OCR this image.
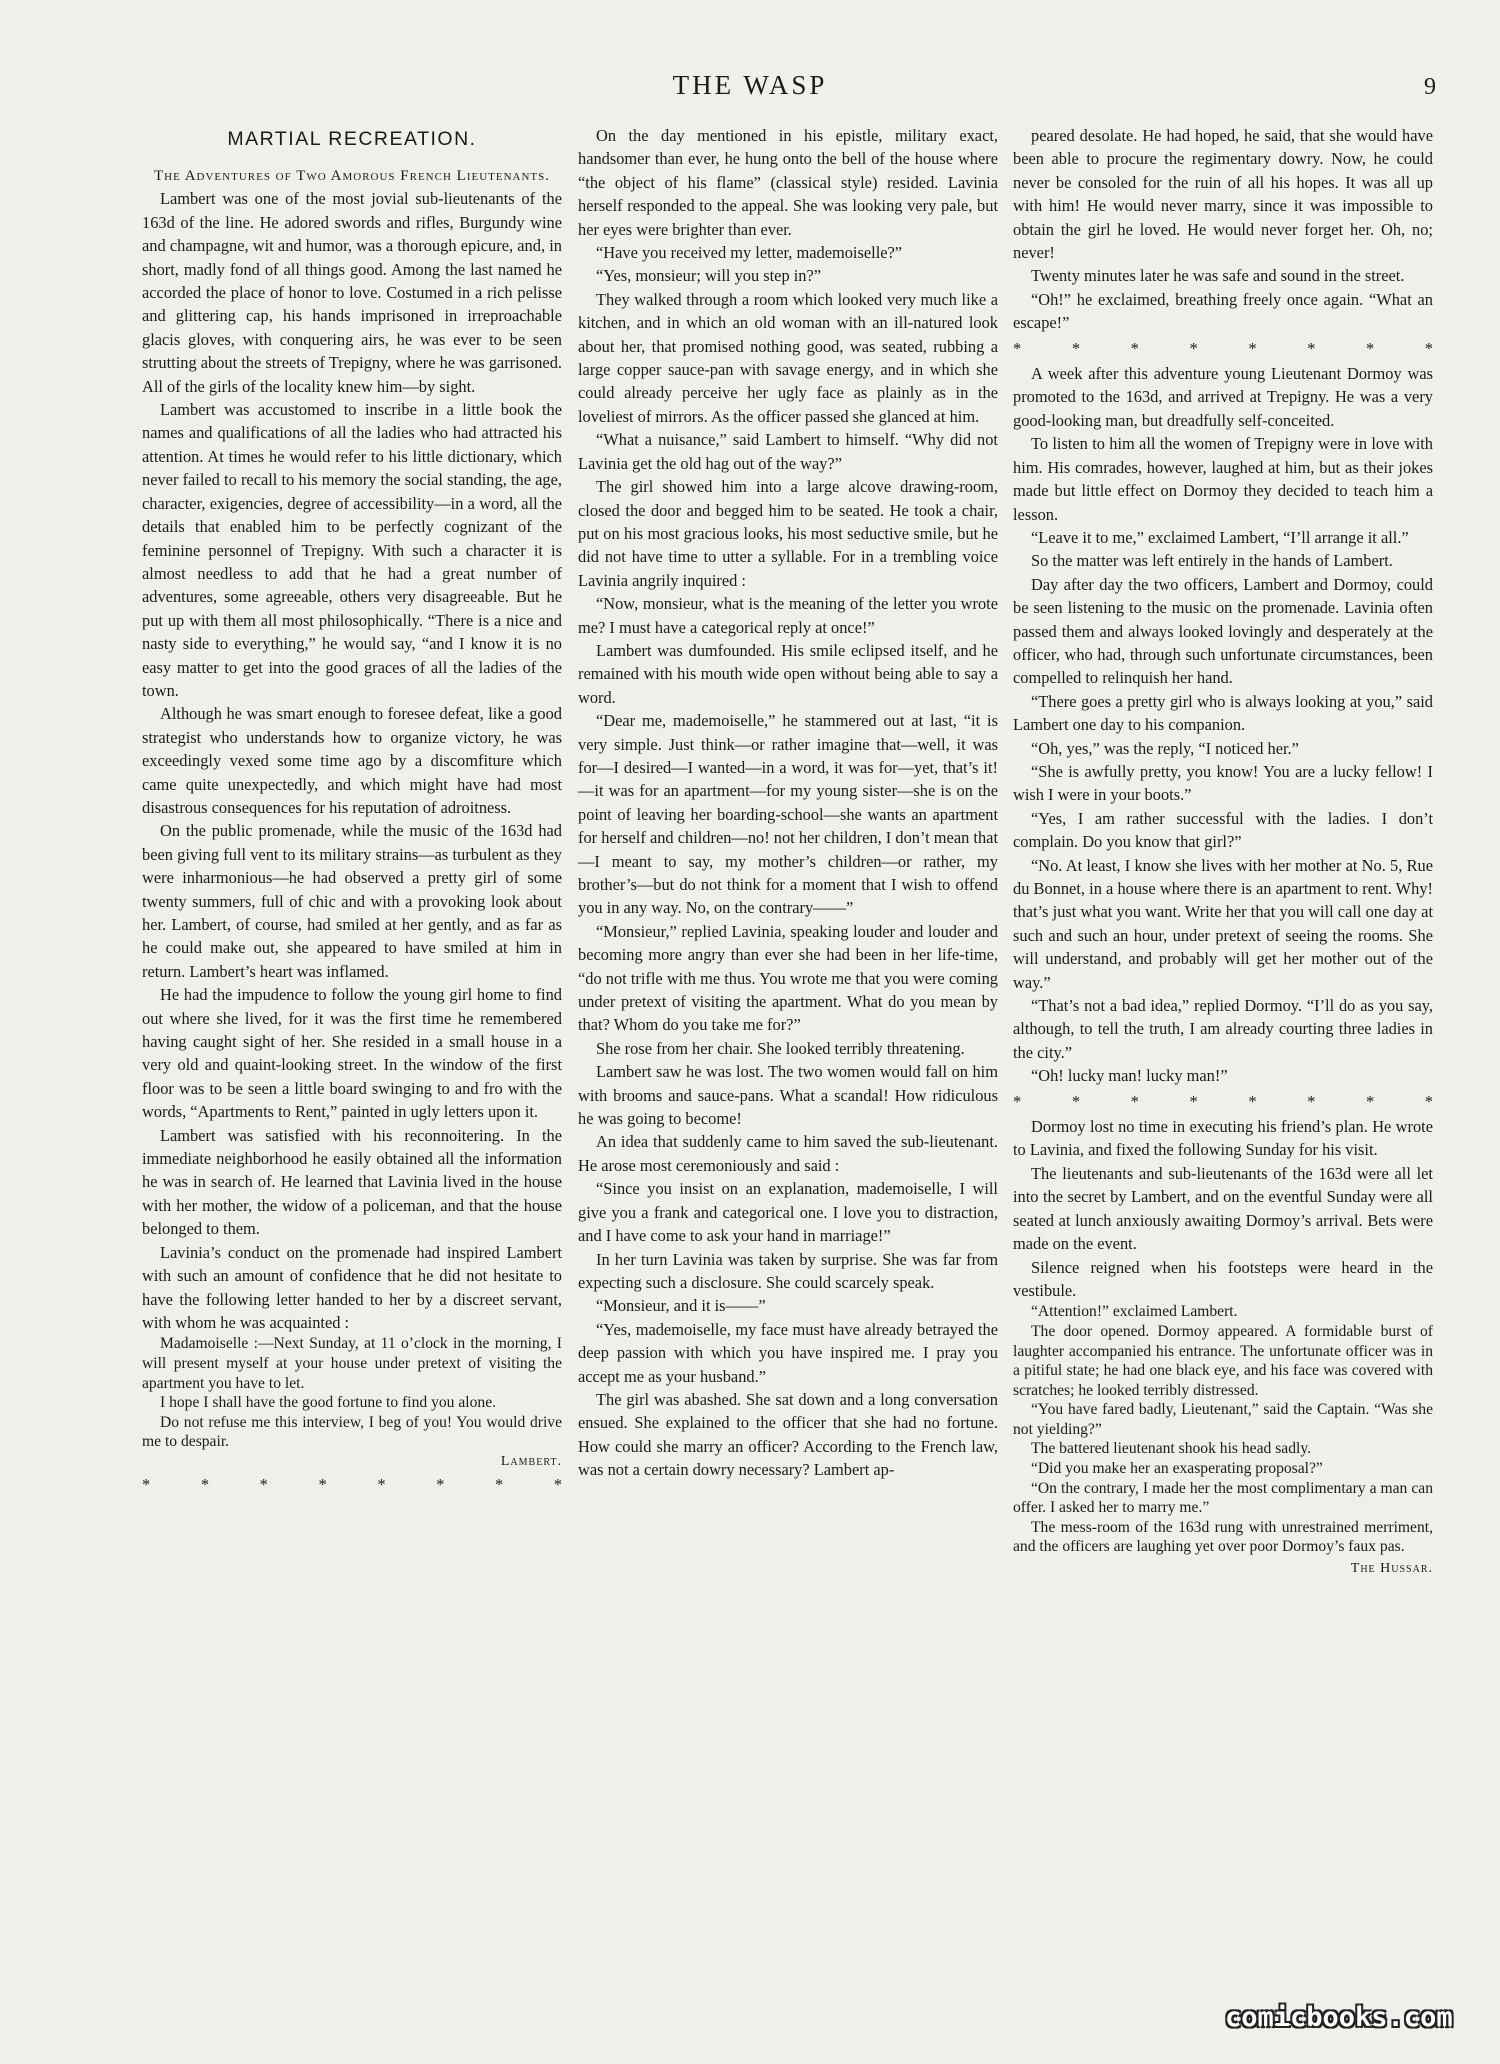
THE WASP	9
MARTIAL RECREATION.

The Adventures of Two Amorous French Lieutenants.

Lambert was one of the most jovial sub-lieutenants of the 163d of the line. He adored swords and rifles, Burgundy wine and champagne, wit and humor, was a thorough epicure, and, in short, madly fond of all things good. Among the last named he accorded the place of honor to love. Costumed in a rich pelisse and glittering cap, his hands imprisoned in irreproachable glacis gloves, with conquering airs, he was ever to be seen strutting about the streets of Trepigny, where he was garrisoned. All of the girls of the locality knew him—by sight.

Lambert was accustomed to inscribe in a little book the names and qualifications of all the ladies who had attracted his attention. At times he would refer to his little dictionary, which never failed to recall to his memory the social standing, the age, character, exigencies, degree of accessibility—in a word, all the details that enabled him to be perfectly cognizant of the feminine personnel of Trepigny. With such a character it is almost needless to add that he had a great number of adventures, some agreeable, others very disagreeable. But he put up with them all most philosophically. “There is a nice and nasty side to everything,” he would say, “and I know it is no easy matter to get into the good graces of all the ladies of the town.

Although he was smart enough to foresee defeat, like a good strategist who understands how to organize victory, he was exceedingly vexed some time ago by a discomfiture which came quite unexpectedly, and which might have had most disastrous consequences for his reputation of adroitness.

On the public promenade, while the music of the 163d had been giving full vent to its military strains—as turbulent as they were inharmonious—he had observed a pretty girl of some twenty summers, full of chic and with a provoking look about her. Lambert, of course, had smiled at her gently, and as far as he could make out, she appeared to have smiled at him in return. Lambert’s heart was inflamed.

He had the impudence to follow the young girl home to find out where she lived, for it was the first time he remembered having caught sight of her. She resided in a small house in a very old and quaint-looking street. In the window of the first floor was to be seen a little board swinging to and fro with the words, “Apartments to Rent,” painted in ugly letters upon it.

Lambert was satisfied with his reconnoitering. In the immediate neighborhood he easily obtained all the information he was in search of. He learned that Lavinia lived in the house with her mother, the widow of a policeman, and that the house belonged to them.

Lavinia’s conduct on the promenade had inspired Lambert with such an amount of confidence that he did not hesitate to have the following letter handed to her by a discreet servant, with whom he was acquainted :

Madamoiselle :—Next Sunday, at 11 o’clock in the morning, I will present myself at your house under pretext of visiting the apartment you have to let.

I hope I shall have the good fortune to find you alone.

Do not refuse me this interview, I beg of you! You would drive me to despair.

Lambert.

* * * * * * * *

On the day mentioned in his epistle, military exact, handsomer than ever, he hung onto the bell of the house where “the object of his flame” (classical style) resided. Lavinia herself responded to the appeal. She was looking very pale, but her eyes were brighter than ever.

“Have you received my letter, mademoiselle?”

“Yes, monsieur; will you step in?”

They walked through a room which looked very much like a kitchen, and in which an old woman with an ill-natured look about her, that promised nothing good, was seated, rubbing a large copper sauce-pan with savage energy, and in which she could already perceive her ugly face as plainly as in the loveliest of mirrors. As the officer passed she glanced at him.

“What a nuisance,” said Lambert to himself. “Why did not Lavinia get the old hag out of the way?”

The girl showed him into a large alcove drawing-room, closed the door and begged him to be seated. He took a chair, put on his most gracious looks, his most seductive smile, but he did not have time to utter a syllable. For in a trembling voice Lavinia angrily inquired :

“Now, monsieur, what is the meaning of the letter you wrote me? I must have a categorical reply at once!”

Lambert was dumfounded. His smile eclipsed itself, and he remained with his mouth wide open without being able to say a word.

“Dear me, mademoiselle,” he stammered out at last, “it is very simple. Just think—or rather imagine that—well, it was for—I desired—I wanted—in a word, it was for—yet, that’s it!—it was for an apartment—for my young sister—she is on the point of leaving her boarding-school—she wants an apartment for herself and children—no! not her children, I don’t mean that—I meant to say, my mother’s children—or rather, my brother’s—but do not think for a moment that I wish to offend you in any way. No, on the contrary——”

“Monsieur,” replied Lavinia, speaking louder and louder and becoming more angry than ever she had been in her life-time, “do not trifle with me thus. You wrote me that you were coming under pretext of visiting the apartment. What do you mean by that? Whom do you take me for?”

She rose from her chair. She looked terribly threatening.

Lambert saw he was lost. The two women would fall on him with brooms and sauce-pans. What a scandal! How ridiculous he was going to become!

An idea that suddenly came to him saved the sub-lieutenant. He arose most ceremoniously and said :

“Since you insist on an explanation, mademoiselle, I will give you a frank and categorical one. I love you to distraction, and I have come to ask your hand in marriage!”

In her turn Lavinia was taken by surprise. She was far from expecting such a disclosure. She could scarcely speak.

“Monsieur, and it is——”

“Yes, mademoiselle, my face must have already betrayed the deep passion with which you have inspired me. I pray you accept me as your husband.”

The girl was abashed. She sat down and a long conversation ensued. She explained to the officer that she had no fortune. How could she marry an officer? According to the French law, was not a certain dowry necessary? Lambert ap-

peared desolate. He had hoped, he said, that she would have been able to procure the regimentary dowry. Now, he could never be consoled for the ruin of all his hopes. It was all up with him! He would never marry, since it was impossible to obtain the girl he loved. He would never forget her. Oh, no; never!

Twenty minutes later he was safe and sound in the street.

“Oh!” he exclaimed, breathing freely once again. “What an escape!”

* * * * * * * *

A week after this adventure young Lieutenant Dormoy was promoted to the 163d, and arrived at Trepigny. He was a very good-looking man, but dreadfully self-conceited.

To listen to him all the women of Trepigny were in love with him. His comrades, however, laughed at him, but as their jokes made but little effect on Dormoy they decided to teach him a lesson.

“Leave it to me,” exclaimed Lambert, “I’ll arrange it all.”

So the matter was left entirely in the hands of Lambert.

Day after day the two officers, Lambert and Dormoy, could be seen listening to the music on the promenade. Lavinia often passed them and always looked lovingly and desperately at the officer, who had, through such unfortunate circumstances, been compelled to relinquish her hand.

“There goes a pretty girl who is always looking at you,” said Lambert one day to his companion.

“Oh, yes,” was the reply, “I noticed her.”

“She is awfully pretty, you know! You are a lucky fellow! I wish I were in your boots.”

“Yes, I am rather successful with the ladies. I don’t complain. Do you know that girl?”

“No. At least, I know she lives with her mother at No. 5, Rue du Bonnet, in a house where there is an apartment to rent. Why! that’s just what you want. Write her that you will call one day at such and such an hour, under pretext of seeing the rooms. She will understand, and probably will get her mother out of the way.”

“That’s not a bad idea,” replied Dormoy. “I’ll do as you say, although, to tell the truth, I am already courting three ladies in the city.”

“Oh! lucky man! lucky man!”

* * * * * * * *

Dormoy lost no time in executing his friend’s plan. He wrote to Lavinia, and fixed the following Sunday for his visit.

The lieutenants and sub-lieutenants of the 163d were all let into the secret by Lambert, and on the eventful Sunday were all seated at lunch anxiously awaiting Dormoy’s arrival. Bets were made on the event.

Silence reigned when his footsteps were heard in the vestibule.

“Attention!” exclaimed Lambert.

The door opened. Dormoy appeared. A formidable burst of laughter accompanied his entrance. The unfortunate officer was in a pitiful state; he had one black eye, and his face was covered with scratches; he looked terribly distressed.

“You have fared badly, Lieutenant,” said the Captain. “Was she not yielding?”

The battered lieutenant shook his head sadly.

“Did you make her an exasperating proposal?”

“On the contrary, I made her the most complimentary a man can offer. I asked her to marry me.”

The mess-room of the 163d rung with unrestrained merriment, and the officers are laughing yet over poor Dormoy’s faux pas.

The Hussar.

comicbooks.com
